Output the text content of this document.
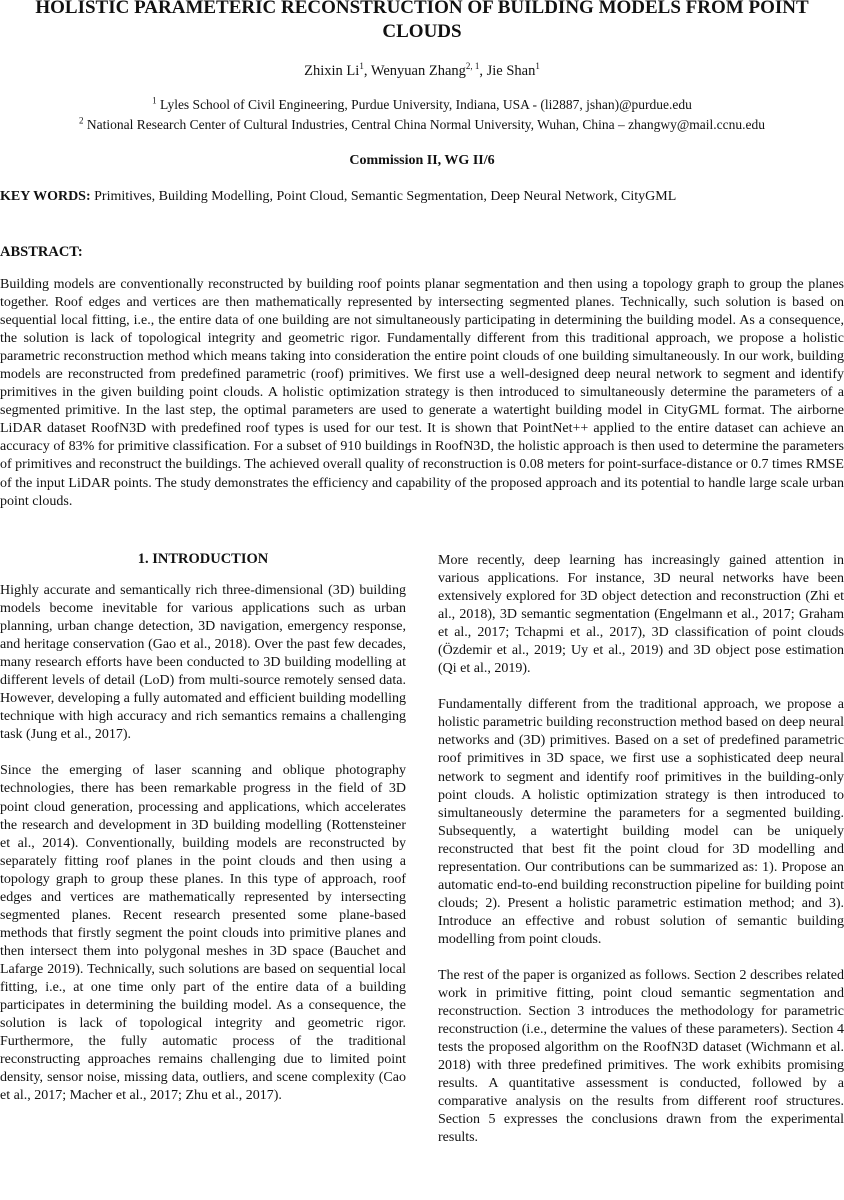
HOLISTIC PARAMETERIC RECONSTRUCTION OF BUILDING MODELS FROM POINT CLOUDS
Zhixin Li$^1$, Wenyuan Zhang$^{2, 1}$, Jie Shan$^1$
$^1$ Lyles School of Civil Engineering, Purdue University, Indiana, USA - (li2887, jshan)@purdue.edu
$^2$ National Research Center of Cultural Industries, Central China Normal University, Wuhan, China – zhangwy@mail.ccnu.edu
Commission II, WG II/6
KEY WORDS: Primitives, Building Modelling, Point Cloud, Semantic Segmentation, Deep Neural Network, CityGML
ABSTRACT:

Building models are conventionally reconstructed by building roof points planar segmentation and then using a topology graph to group the planes together. Roof edges and vertices are then mathematically represented by intersecting segmented planes. Technically, such solution is based on sequential local fitting, i.e., the entire data of one building are not simultaneously participating in determining the building model. As a consequence, the solution is lack of topological integrity and geometric rigor. Fundamentally different from this traditional approach, we propose a holistic parametric reconstruction method which means taking into consideration the entire point clouds of one building simultaneously. In our work, building models are reconstructed from predefined parametric (roof) primitives. We first use a well-designed deep neural network to segment and identify primitives in the given building point clouds. A holistic optimization strategy is then introduced to simultaneously determine the parameters of a segmented primitive. In the last step, the optimal parameters are used to generate a watertight building model in CityGML format. The airborne LiDAR dataset RoofN3D with predefined roof types is used for our test. It is shown that PointNet++ applied to the entire dataset can achieve an accuracy of 83% for primitive classification. For a subset of 910 buildings in RoofN3D, the holistic approach is then used to determine the parameters of primitives and reconstruct the buildings. The achieved overall quality of reconstruction is 0.08 meters for point-surface-distance or 0.7 times RMSE of the input LiDAR points. The study demonstrates the efficiency and capability of the proposed approach and its potential to handle large scale urban point clouds.

1. INTRODUCTION

Highly accurate and semantically rich three-dimensional (3D) building models become inevitable for various applications such as urban planning, urban change detection, 3D navigation, emergency response, and heritage conservation (Gao et al., 2018). Over the past few decades, many research efforts have been conducted to 3D building modelling at different levels of detail (LoD) from multi-source remotely sensed data. However, developing a fully automated and efficient building modelling technique with high accuracy and rich semantics remains a challenging task (Jung et al., 2017).

Since the emerging of laser scanning and oblique photography technologies, there has been remarkable progress in the field of 3D point cloud generation, processing and applications, which accelerates the research and development in 3D building modelling (Rottensteiner et al., 2014). Conventionally, building models are reconstructed by separately fitting roof planes in the point clouds and then using a topology graph to group these planes. In this type of approach, roof edges and vertices are mathematically represented by intersecting segmented planes. Recent research presented some plane-based methods that firstly segment the point clouds into primitive planes and then intersect them into polygonal meshes in 3D space (Bauchet and Lafarge 2019). Technically, such solutions are based on sequential local fitting, i.e., at one time only part of the entire data of a building participates in determining the building model. As a consequence, the solution is lack of topological integrity and geometric rigor. Furthermore, the fully automatic process of the traditional reconstructing approaches remains challenging due to limited point density, sensor noise, missing data, outliers, and scene complexity (Cao et al., 2017; Macher et al., 2017; Zhu et al., 2017).

More recently, deep learning has increasingly gained attention in various applications. For instance, 3D neural networks have been extensively explored for 3D object detection and reconstruction (Zhi et al., 2018), 3D semantic segmentation (Engelmann et al., 2017; Graham et al., 2017; Tchapmi et al., 2017), 3D classification of point clouds (Özdemir et al., 2019; Uy et al., 2019) and 3D object pose estimation (Qi et al., 2019).

Fundamentally different from the traditional approach, we propose a holistic parametric building reconstruction method based on deep neural networks and (3D) primitives. Based on a set of predefined parametric roof primitives in 3D space, we first use a sophisticated deep neural network to segment and identify roof primitives in the building-only point clouds. A holistic optimization strategy is then introduced to simultaneously determine the parameters for a segmented building. Subsequently, a watertight building model can be uniquely reconstructed that best fit the point cloud for 3D modelling and representation. Our contributions can be summarized as: 1). Propose an automatic end-to-end building reconstruction pipeline for building point clouds; 2). Present a holistic parametric estimation method; and 3). Introduce an effective and robust solution of semantic building modelling from point clouds.

The rest of the paper is organized as follows. Section 2 describes related work in primitive fitting, point cloud semantic segmentation and reconstruction. Section 3 introduces the methodology for parametric reconstruction (i.e., determine the values of these parameters). Section 4 tests the proposed algorithm on the RoofN3D dataset (Wichmann et al. 2018) with three predefined primitives. The work exhibits promising results. A quantitative assessment is conducted, followed by a comparative analysis on the results from different roof structures. Section 5 expresses the conclusions drawn from the experimental results.
